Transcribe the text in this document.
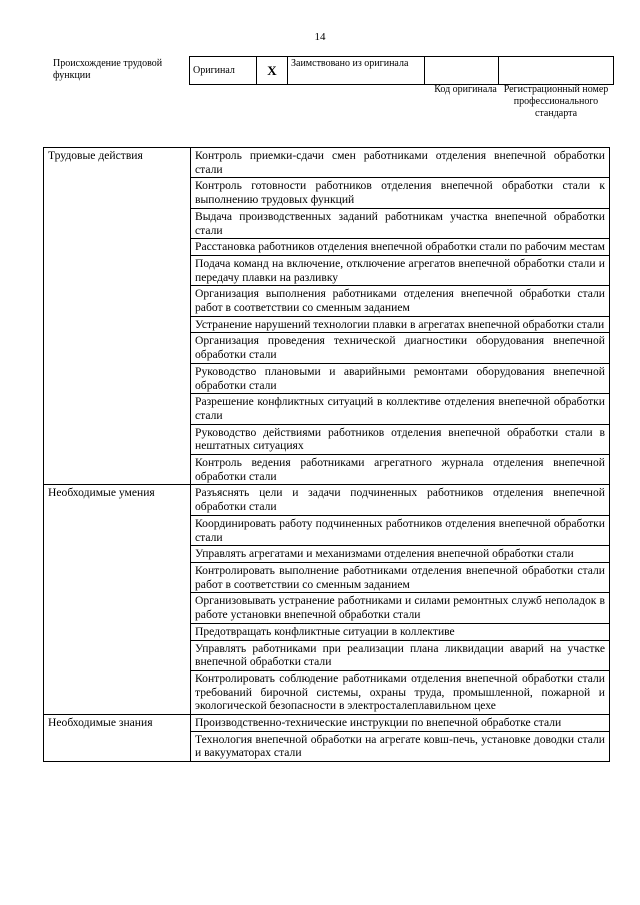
14
Происхождение трудовой функции	Оригинал	X	Заимствовано из оригинала		
Код оригинала Регистрационный номер профессионального стандарта
Трудовые действия	Контроль приемки-сдачи смен работниками отделения внепечной обработки стали
	Контроль готовности работников отделения внепечной обработки стали к выполнению трудовых функций
	Выдача производственных заданий работникам участка внепечной обработки стали
	Расстановка работников отделения внепечной обработки стали по рабочим местам
	Подача команд на включение, отключение агрегатов внепечной обработки стали и передачу плавки на разливку
	Организация выполнения работниками отделения внепечной обработки стали работ в соответствии со сменным заданием
	Устранение нарушений технологии плавки в агрегатах внепечной обработки стали
	Организация проведения технической диагностики оборудования внепечной обработки стали
	Руководство плановыми и аварийными ремонтами оборудования внепечной обработки стали
	Разрешение конфликтных ситуаций в коллективе отделения внепечной обработки стали
	Руководство действиями работников отделения внепечной обработки стали в нештатных ситуациях
	Контроль ведения работниками агрегатного журнала отделения внепечной обработки стали
Необходимые умения	Разъяснять цели и задачи подчиненных работников отделения внепечной обработки стали
	Координировать работу подчиненных работников отделения внепечной обработки стали
	Управлять агрегатами и механизмами отделения внепечной обработки стали
	Контролировать выполнение работниками отделения внепечной обработки стали работ в соответствии со сменным заданием
	Организовывать устранение работниками и силами ремонтных служб неполадок в работе установки внепечной обработки стали
	Предотвращать конфликтные ситуации в коллективе
	Управлять работниками при реализации плана ликвидации аварий на участке внепечной обработки стали
	Контролировать соблюдение работниками отделения внепечной обработки стали требований бирочной системы, охраны труда, промышленной, пожарной и экологической безопасности в электросталеплавильном цехе
Необходимые знания	Производственно-технические инструкции по внепечной обработке стали
	Технология внепечной обработки на агрегате ковш-печь, установке доводки стали и вакууматорах стали
